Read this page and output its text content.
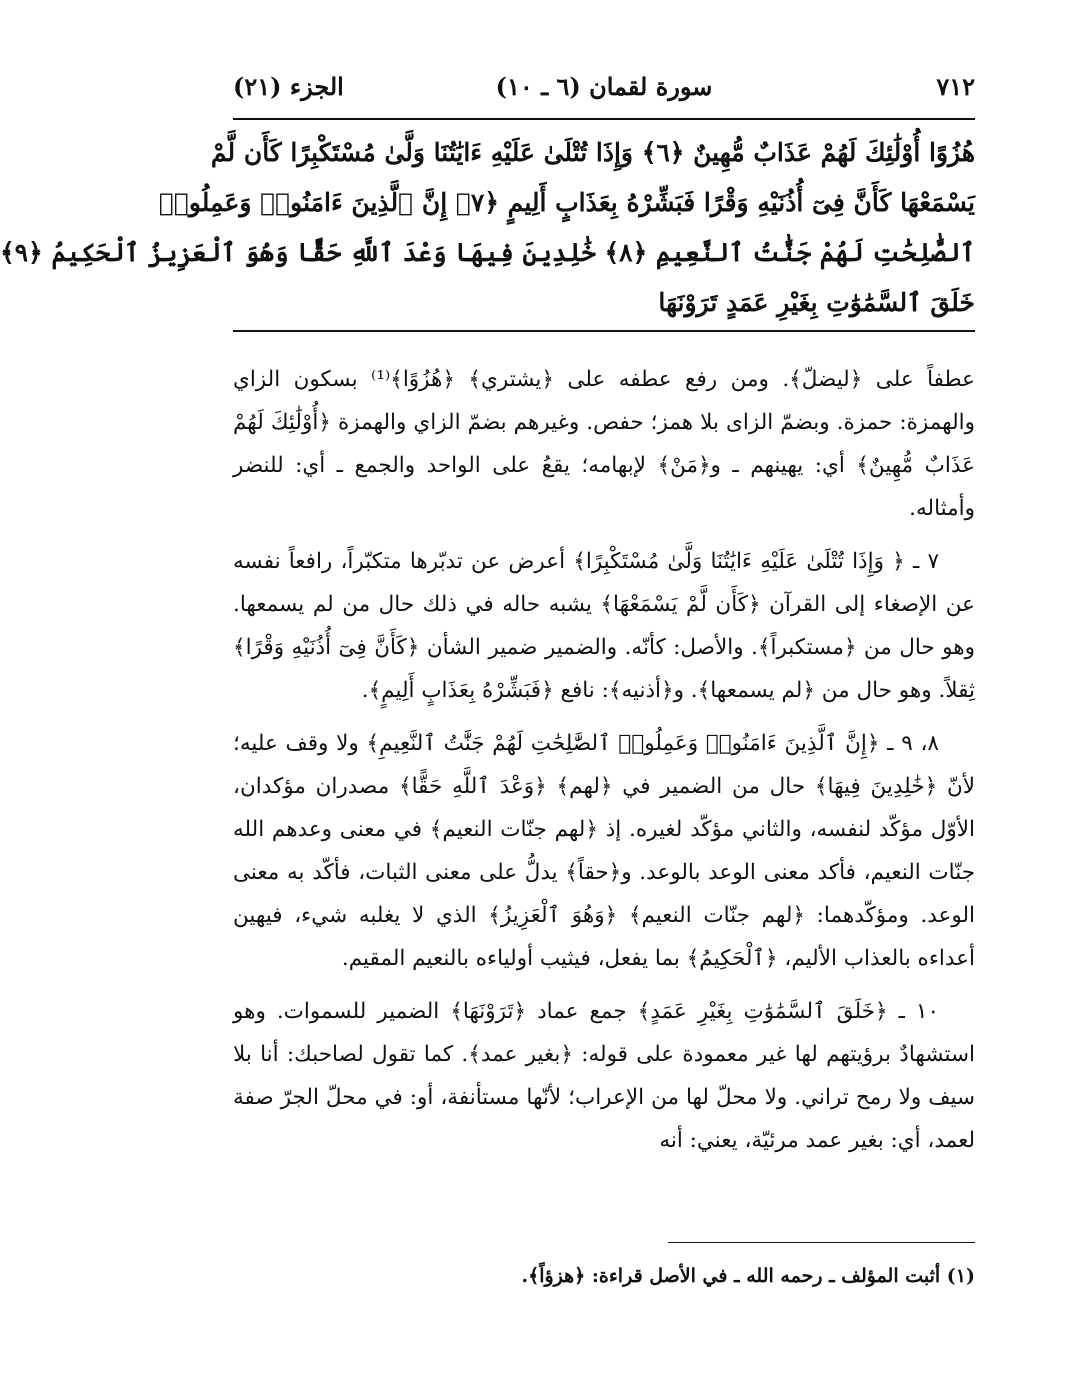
٧١٢
سورة لقمان (٦ ـ ١٠)
الجزء (٢١)
هُزُوًا أُوْلَٰئِكَ لَهُمْ عَذَابٌ مُّهِينٌ ﴿٦﴾ وَإِذَا تُتْلَىٰ عَلَيْهِ ءَايَٰتُنَا وَلَّىٰ مُسْتَكْبِرًا كَأَن لَّمْ
يَسْمَعْهَا كَأَنَّ فِىٓ أُذُنَيْهِ وَقْرًا فَبَشِّرْهُ بِعَذَابٍ أَلِيمٍ ﴿٧﴾ إِنَّ ٱلَّذِينَ ءَامَنُوا۟ وَعَمِلُوا۟
ٱلصَّٰلِحَٰتِ لَهُمْ جَنَّٰتُ ٱلنَّعِيمِ ﴿٨﴾ خَٰلِدِينَ فِيهَا وَعْدَ ٱللَّهِ حَقًّا وَهُوَ ٱلْعَزِيزُ ٱلْحَكِيمُ ﴿٩﴾
خَلَقَ ٱلسَّمَٰوَٰتِ بِغَيْرِ عَمَدٍ تَرَوْنَهَا

عطفاً على ﴿ليضلّ﴾. ومن رفع عطفه على ﴿يشتري﴾ ﴿هُزُوًا﴾⁽¹⁾ بسكون الزاي والهمزة: حمزة. وبضمّ الزاى بلا همز؛ حفص. وغيرهم بضمّ الزاي والهمزة ﴿أُوْلَٰئِكَ لَهُمْ عَذَابٌ مُّهِينٌ﴾ أي: يهينهم ـ و﴿مَنْ﴾ لإبهامه؛ يقعُ على الواحد والجمع ـ أي: للنضر وأمثاله.

٧ ـ ﴿ وَإِذَا تُتْلَىٰ عَلَيْهِ ءَايَٰتُنَا وَلَّىٰ مُسْتَكْبِرًا﴾ أعرض عن تدبّرها متكبّراً، رافعاً نفسه عن الإصغاء إلى القرآن ﴿كَأَن لَّمْ يَسْمَعْهَا﴾ يشبه حاله في ذلك حال من لم يسمعها. وهو حال من ﴿مستكبراً﴾. والأصل: كأنّه. والضمير ضمير الشأن ﴿كَأَنَّ فِىٓ أُذُنَيْهِ وَقْرًا﴾ ثِقلاً. وهو حال من ﴿لم يسمعها﴾. و﴿أذنيه﴾: نافع ﴿فَبَشِّرْهُ بِعَذَابٍ أَلِيمٍ﴾.

٨، ٩ ـ ﴿إِنَّ ٱلَّذِينَ ءَامَنُوا۟ وَعَمِلُوا۟ ٱلصَّٰلِحَٰتِ لَهُمْ جَنَّٰتُ ٱلنَّعِيمِ﴾ ولا وقف عليه؛ لأنّ ﴿خَٰلِدِينَ فِيهَا﴾ حال من الضمير في ﴿لهم﴾ ﴿وَعْدَ ٱللَّهِ حَقًّا﴾ مصدران مؤكدان، الأوّل مؤكّد لنفسه، والثاني مؤكّد لغيره. إذ ﴿لهم جنّات النعيم﴾ في معنى وعدهم الله جنّات النعيم، فأكد معنى الوعد بالوعد. و﴿حقاً﴾ يدلُّ على معنى الثبات، فأكّد به معنى الوعد. ومؤكّدهما: ﴿لهم جنّات النعيم﴾ ﴿وَهُوَ ٱلْعَزِيزُ﴾ الذي لا يغلبه شيء، فيهين أعداءه بالعذاب الأليم، ﴿ٱلْحَكِيمُ﴾ بما يفعل، فيثيب أولياءه بالنعيم المقيم.

١٠ ـ ﴿خَلَقَ ٱلسَّمَٰوَٰتِ بِغَيْرِ عَمَدٍ﴾ جمع عماد ﴿تَرَوْنَهَا﴾ الضمير للسموات. وهو استشهادٌ برؤيتهم لها غير معمودة على قوله: ﴿بغير عمد﴾. كما تقول لصاحبك: أنا بلا سيف ولا رمح تراني. ولا محلّ لها من الإعراب؛ لأنّها مستأنفة، أو: في محلّ الجرّ صفة لعمد، أي: بغير عمد مرئيّة، يعني: أنه

(١) أثبت المؤلف ـ رحمه الله ـ في الأصل قراءة: ﴿هزؤاً﴾.
